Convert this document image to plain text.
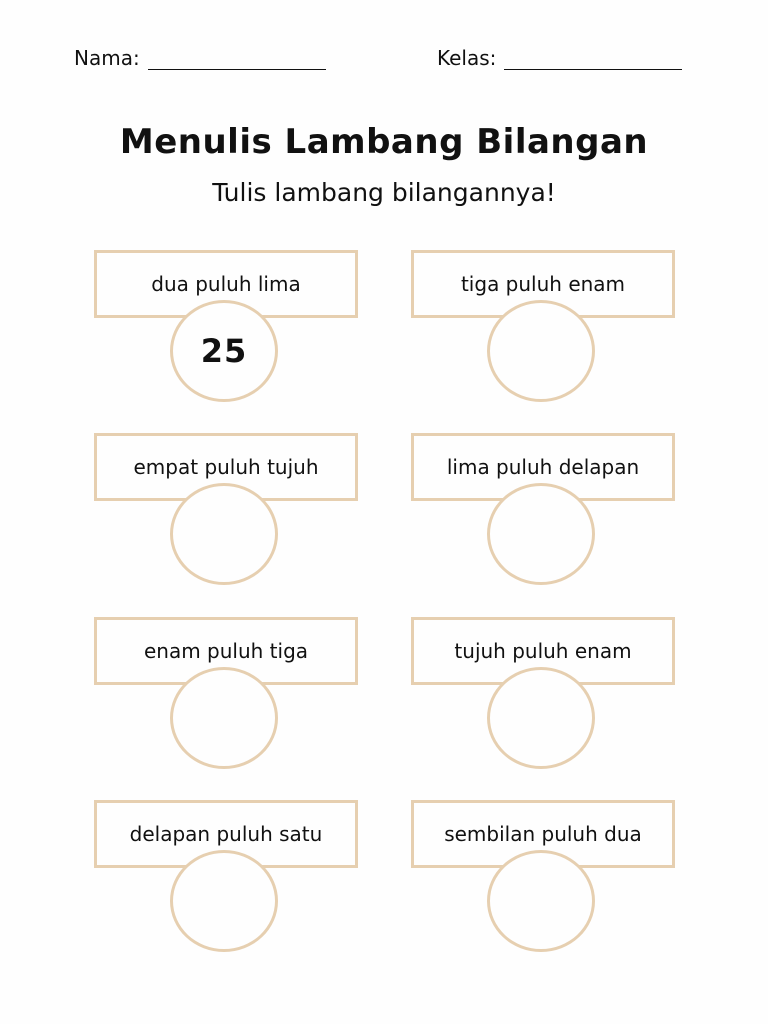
Nama:	Kelas:
Menulis Lambang Bilangan
Tulis lambang bilangannya!
dua puluh lima
25
tiga puluh enam
empat puluh tujuh	lima puluh delapan
enam puluh tiga	tujuh puluh enam
delapan puluh satu	sembilan puluh dua
